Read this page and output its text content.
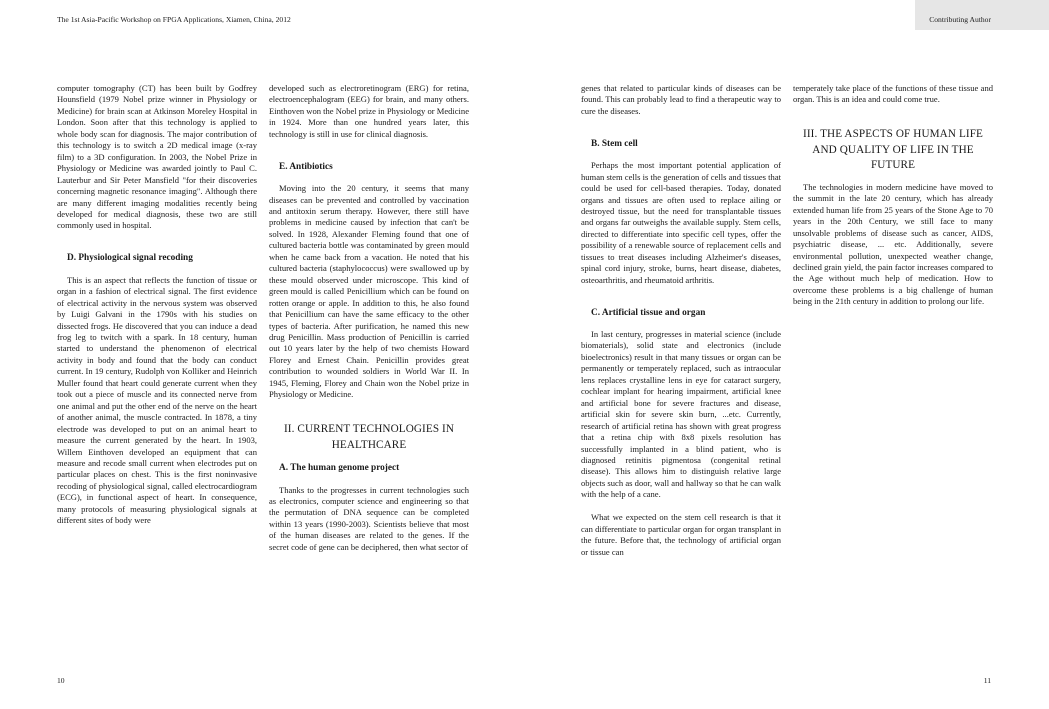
The 1st Asia-Pacific Workshop on FPGA Applications, Xiamen, China, 2012	Contributing Author

computer tomography (CT) has been built by Godfrey Hounsfield (1979 Nobel prize winner in Physiology or Medicine) for brain scan at Atkinson Moreley Hospital in London. Soon after that this technology is applied to whole body scan for diagnosis. The major contribution of this technology is to switch a 2D medical image (x-ray film) to a 3D configuration. In 2003, the Nobel Prize in Physiology or Medicine was awarded jointly to Paul C. Lauterbur and Sir Peter Mansfield "for their discoveries concerning magnetic resonance imaging". Although there are many different imaging modalities recently being developed for medical diagnosis, these two are still commonly used in hospital.

D. Physiological signal recoding

This is an aspect that reflects the function of tissue or organ in a fashion of electrical signal. The first evidence of electrical activity in the nervous system was observed by Luigi Galvani in the 1790s with his studies on dissected frogs. He discovered that you can induce a dead frog leg to twitch with a spark. In 18 century, human started to understand the phenomenon of electrical activity in body and found that the body can conduct current. In 19 century, Rudolph von Kolliker and Heinrich Muller found that heart could generate current when they took out a piece of muscle and its connected nerve from one animal and put the other end of the nerve on the heart of another animal, the muscle contracted. In 1878, a tiny electrode was developed to put on an animal heart to measure the current generated by the heart. In 1903, Willem Einthoven developed an equipment that can measure and recode small current when electrodes put on particular places on chest. This is the first noninvasive recoding of physiological signal, called electrocardiogram (ECG), in functional aspect of heart. In consequence, many protocols of measuring physiological signals at different sites of body were

developed such as electroretinogram (ERG) for retina, electroencephalogram (EEG) for brain, and many others. Einthoven won the Nobel prize in Physiology or Medicine in 1924. More than one hundred years later, this technology is still in use for clinical diagnosis.

E. Antibiotics

Moving into the 20 century, it seems that many diseases can be prevented and controlled by vaccination and antitoxin serum therapy. However, there still have problems in medicine caused by infection that can't be solved. In 1928, Alexander Fleming found that one of cultured bacteria bottle was contaminated by green mould when he came back from a vacation. He noted that his cultured bacteria (staphylococcus) were swallowed up by these mould observed under microscope. This kind of green mould is called Penicillium which can be found on rotten orange or apple. In addition to this, he also found that Penicillium can have the same efficacy to the other types of bacteria. After purification, he named this new drug Penicillin. Mass production of Penicillin is carried out 10 years later by the help of two chemists Howard Florey and Ernest Chain. Penicillin provides great contribution to wounded soldiers in World War II. In 1945, Fleming, Florey and Chain won the Nobel prize in Physiology or Medicine.

II. CURRENT TECHNOLOGIES IN
HEALTHCARE
A. The human genome project

Thanks to the progresses in current technologies such as electronics, computer science and engineering so that the permutation of DNA sequence can be completed within 13 years (1990-2003). Scientists believe that most of the human diseases are related to the genes. If the secret code of gene can be deciphered, then what sector of

genes that related to particular kinds of diseases can be found. This can probably lead to find a therapeutic way to cure the diseases.

B. Stem cell

Perhaps the most important potential application of human stem cells is the generation of cells and tissues that could be used for cell-based therapies. Today, donated organs and tissues are often used to replace ailing or destroyed tissue, but the need for transplantable tissues and organs far outweighs the available supply. Stem cells, directed to differentiate into specific cell types, offer the possibility of a renewable source of replacement cells and tissues to treat diseases including Alzheimer's diseases, spinal cord injury, stroke, burns, heart disease, diabetes, osteoarthritis, and rheumatoid arthritis.

C. Artificial tissue and organ

In last century, progresses in material science (include biomaterials), solid state and electronics (include bioelectronics) result in that many tissues or organ can be permanently or temperately replaced, such as intraocular lens replaces crystalline lens in eye for cataract surgery, cochlear implant for hearing impairment, artificial knee and artificial bone for severe fractures and disease, artificial skin for severe skin burn, ...etc. Currently, research of artificial retina has shown with great progress that a retina chip with 8x8 pixels resolution has successfully implanted in a blind patient, who is diagnosed retinitis pigmentosa (congenital retinal disease). This allows him to distinguish relative large objects such as door, wall and hallway so that he can walk with the help of a cane.

What we expected on the stem cell research is that it can differentiate to particular organ for organ transplant in the future. Before that, the technology of artificial organ or tissue can

temperately take place of the functions of these tissue and organ. This is an idea and could come true.

III. THE ASPECTS OF HUMAN LIFE
AND QUALITY OF LIFE IN THE
FUTURE

The technologies in modern medicine have moved to the summit in the late 20 century, which has already extended human life from 25 years of the Stone Age to 70 years in the 20th Century, we still face to many unsolvable problems of disease such as cancer, AIDS, psychiatric disease, ... etc. Additionally, severe environmental pollution, unexpected weather change, declined grain yield, the pain factor increases compared to the Age without much help of medication. How to overcome these problems is a big challenge of human being in the 21th century in addition to prolong our life.

10	11
